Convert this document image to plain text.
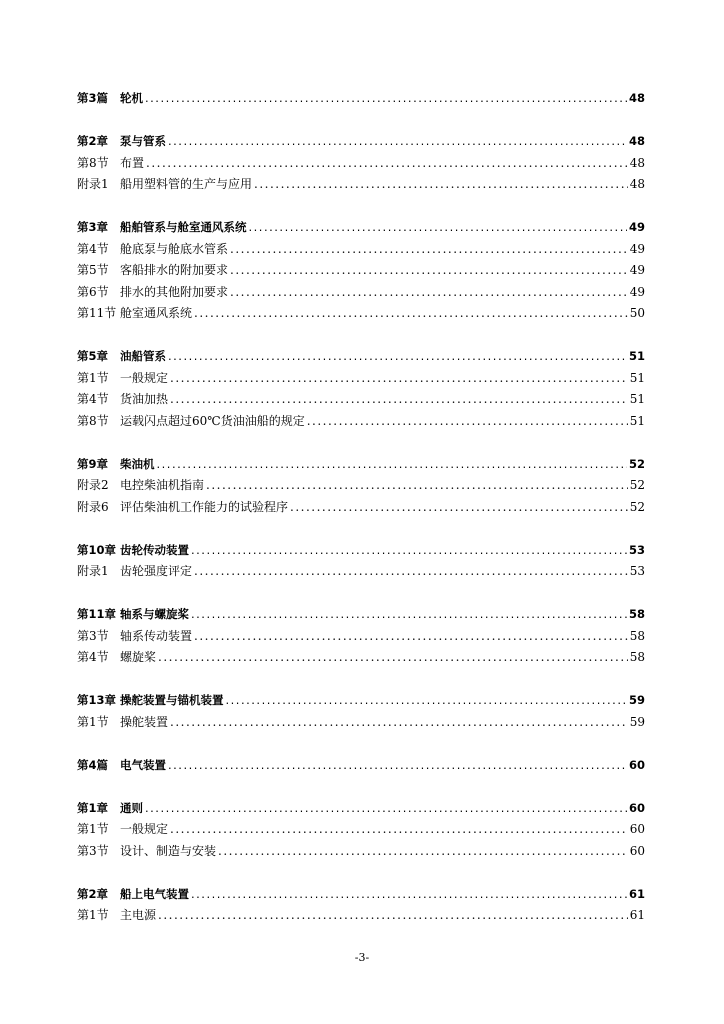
第3篇	轮机 .....	48
第2章	泵与管系 .....	48
第8节 布置 .....	48
附录1 船用塑料管的生产与应用 .....	48
第3章	船舶管系与舱室通风系统 .....	49
第4节 舱底泵与舱底水管系 .....	49
第5节 客船排水的附加要求 .....	49
第6节 排水的其他附加要求 .....	49
第11节 舱室通风系统 .....	50
第5章	油船管系 .....	51
第1节 一般规定 .....	51
第4节 货油加热 .....	51
第8节 运载闪点超过60℃货油油船的规定 .....	51
第9章	柴油机 .....	52
附录2 电控柴油机指南 .....	52
附录6 评估柴油机工作能力的试验程序 .....	52
第10章 齿轮传动装置 .....	53
附录1 齿轮强度评定 .....	53
第11章 轴系与螺旋桨 .....	58
第3节 轴系传动装置 .....	58
第4节 螺旋桨 .....	58
第13章 操舵装置与锚机装置 .....	59
第1节 操舵装置 .....	59
第4篇	电气装置 .....	60
第1章	通则 .....	60
第1节 一般规定 .....	60
第3节 设计、制造与安装 .....	60
第2章	船上电气装置 .....	61
第1节 主电源 .....	61
-3-
